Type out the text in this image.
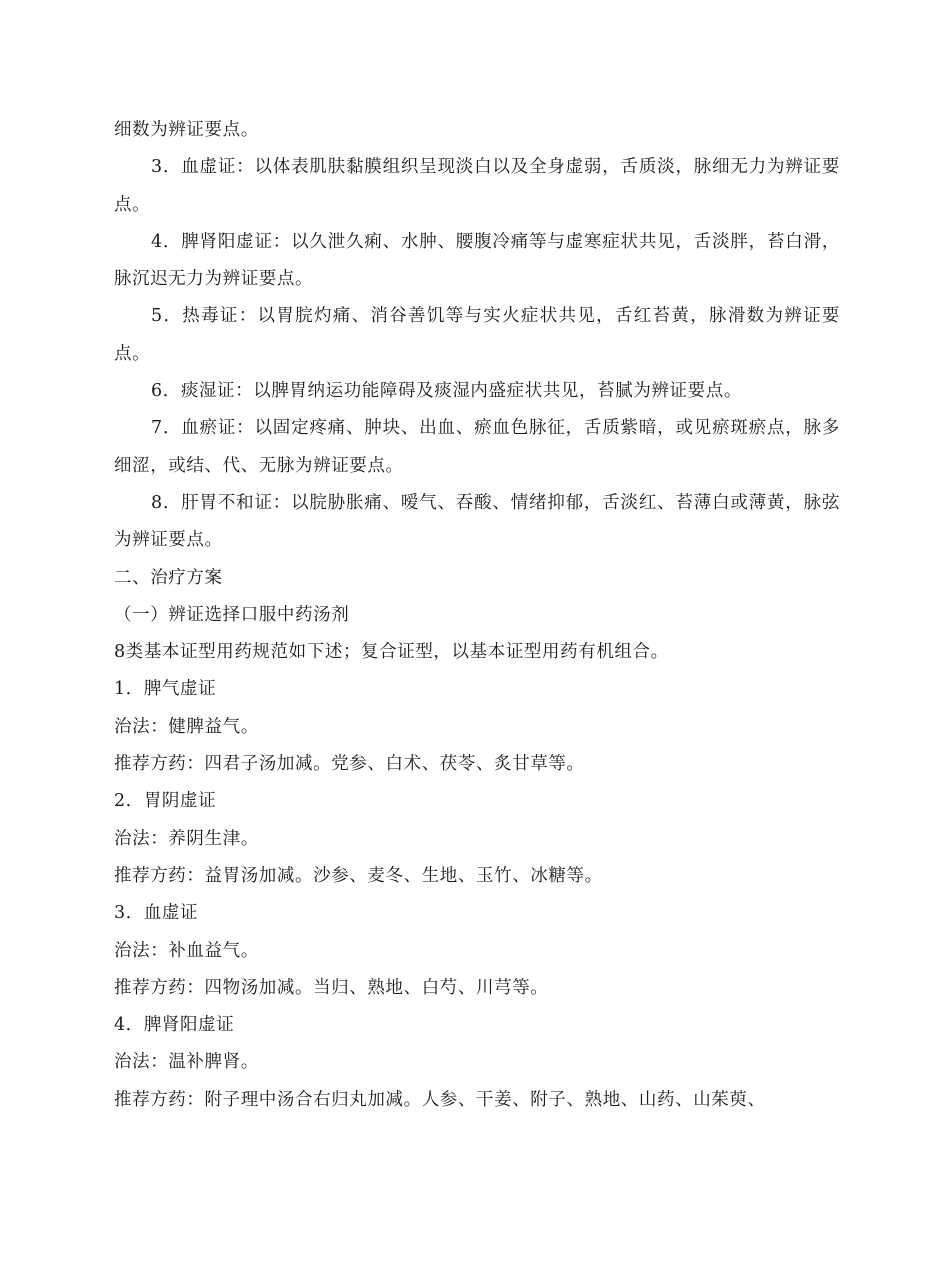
细数为辨证要点。

3．血虚证：以体表肌肤黏膜组织呈现淡白以及全身虚弱，舌质淡，脉细无力为辨证要点。

4．脾肾阳虚证：以久泄久痢、水肿、腰腹冷痛等与虚寒症状共见，舌淡胖，苔白滑，脉沉迟无力为辨证要点。

5．热毒证：以胃脘灼痛、消谷善饥等与实火症状共见，舌红苔黄，脉滑数为辨证要点。

6．痰湿证：以脾胃纳运功能障碍及痰湿内盛症状共见，苔腻为辨证要点。

7．血瘀证：以固定疼痛、肿块、出血、瘀血色脉征，舌质紫暗，或见瘀斑瘀点，脉多细涩，或结、代、无脉为辨证要点。

8．肝胃不和证：以脘胁胀痛、嗳气、吞酸、情绪抑郁，舌淡红、苔薄白或薄黄，脉弦为辨证要点。

二、治疗方案

（一）辨证选择口服中药汤剂

8类基本证型用药规范如下述；复合证型，以基本证型用药有机组合。

1．脾气虚证

治法：健脾益气。

推荐方药：四君子汤加减。党参、白术、茯苓、炙甘草等。

2．胃阴虚证

治法：养阴生津。

推荐方药：益胃汤加减。沙参、麦冬、生地、玉竹、冰糖等。

3．血虚证

治法：补血益气。

推荐方药：四物汤加减。当归、熟地、白芍、川芎等。

4．脾肾阳虚证

治法：温补脾肾。

推荐方药：附子理中汤合右归丸加减。人参、干姜、附子、熟地、山药、山茱萸、
